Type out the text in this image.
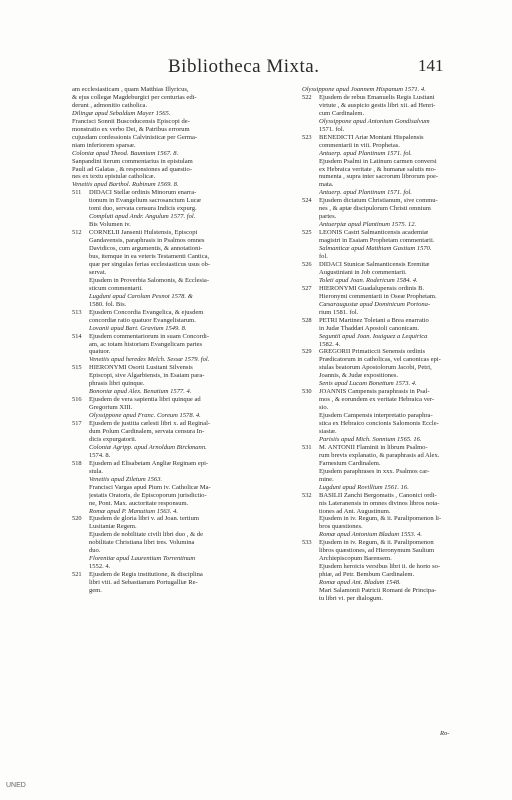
Bibliotheca Mixta.	141
am ecclesiasticam , quam Matthias Illyricus,
& ejus collegæ Magdeburgici per centurias edi-
derunt , admonitio catholica.
Dilingæ apud Sebaldum Mayer 1565.
Francisci Sonnii Buscoducensis Episcopi de-
monstratio ex verbo Dei, & Patribus errorum
cujusdam confessionis Calvinisticæ per Germa-
niam inferiorem sparsæ.
Coloniæ apud Theod. Baumium 1567. 8.
Sanpandini iterum commentarius in epistulam
Pauli ad Galatas , & responsiones ad quæstio-
nes ex textu epistulæ catholicæ.
Venetiis apud Barthol. Rubinum 1569. 8.
511 DIDACI Stellæ ordinis Minorum enarra-
tionum in Evangelium sacrosanctum Lucæ
tomi duo, servata censura Indicis expurg.
Compluti apud Andr. Angulum 1577. fol.
Bis Volumen iv.
512 CORNELII Jansenii Hulstensis, Episcopi
Gandavensis, paraphrasis in Psalmos omnes
Davidicos, cum argumentis, & annotationi-
bus, itemque in ea veteris Testamenti Cantica,
quæ per singulas ferias ecclesiasticus usus ob-
servat.
Ejusdem in Proverbia Salomonis, & Ecclesia-
sticum commentarii.
Lugduni apud Carolum Pesnot 1578. &
1580. fol. Bis.
513 Ejusdem Concordia Evangelica, & ejusdem
concordiæ ratio quatuor Evangelistarum.
Lovanii apud Bart. Gravium 1549. 8.
514 Ejusdem commentariorum in suam Concordi-
am, ac totam historiam Evangelicam partes
quatuor.
Venetiis apud heredes Melch. Sessæ 1579. fol.
515 HIERONYMI Osorii Lusitani Silvensis
Episcopi, sive Algarbiensis, in Esaiam para-
phrasis libri quinque.
Bononiæ apud Alex. Benatium 1577. 4.
516 Ejusdem de vera sapientia libri quinque ad
Gregorium XIII.
Olyssippone apud Franc. Coreum 1578. 4.
517 Ejusdem de justitia cælesti libri x. ad Reginal-
dum Polum Cardinalem, servata censura In-
dicis expurgatorii.
Coloniæ Agripp. apud Arnoldum Birckmann.
1574. 8.
518 Ejusdem ad Elisabetam Angliæ Reginam epi-
stula.
Venetiis apud Ziletum 1563.
Francisci Vargas apud Pium iv. Catholicæ Ma-
jestatis Oratoris, de Episcoporum jurisdictio-
ne, Pont. Max. auctoritate responsum.
Romæ apud P. Manutium 1563. 4.
520 Ejusdem de gloria libri v. ad Joan. tertium
Lusitaniæ Regem.
Ejusdem de nobilitate civili libri duo , & de
nobilitate Christiana libri tres. Volumina
duo.
Florentiæ apud Laurentium Torrentinum
1552. 4.
521 Ejusdem de Regis institutione, & disciplina
libri viii. ad Sebastianum Portugalliæ Re-
gem.
Olyssippone apud Joannem Hispanum 1571. 4.
522 Ejusdem de rebus Emanuelis Regis Lusitani
virtute , & auspicio gestis libri xii. ad Henri-
cum Cardinalem.
Olyssippone apud Antonium Gondisalvum
1571. fol.
523 BENEDICTI Ariæ Montani Hispalensis
commentarii in viii. Prophetas.
Antuerp. apud Plantinum 1571. fol.
Ejusdem Psalmi in Latinum carmen conversi
ex Hebraica veritate , & humanæ salutis mo-
numenta , supra inter sacrorum librorum poe-
mata.
Antuerp. apud Plantinum 1571. fol.
524 Ejusdem dictatum Christianum, sive commu-
nes , & aptæ discipulorum Christi omnium
partes.
Antuerpiæ apud Plantinum 1575. 12.
525 LEONIS Castri Salmanticensis academiæ
magistri in Esaiam Prophetam commentarii.
Salmanticæ apud Matthiam Gastium 1570.
fol.
526 DIDACI Stunicæ Salmanticensis Eremitæ
Augustiniani in Job commentarii.
Toleti apud Joan. Rodericum 1584. 4.
527 HIERONYMI Guadalupensis ordinis B.
Hieronymi commentarii in Oseæ Prophetam.
Cæsaraugustæ apud Dominicum Portona-
rium 1581. fol.
528 PETRI Martinez Toletani a Brea enarratio
in Judæ Thaddæi Apostoli canonicam.
Seguntii apud Joan. Iouiguez a Lequirica
1582. 4.
529 GREGORII Primaticcii Senensis ordinis
Prædicatorum in catholicas, vel canonicas epi-
stulas beatorum Apostolorum Jacobi, Petri,
Joannis, & Judæ expositiones.
Senis apud Lucam Bonettum 1573. 4.
530 JOANNIS Campensis paraphrasis in Psal-
mos , & eorundem ex veritate Hebraica ver-
sio.
Ejusdem Campensis interpretatio paraphra-
stica ex Hebraico concionis Salomonis Eccle-
siastæ.
Parisiis apud Mich. Sonnium 1565. 16.
531 M. ANTONII Flaminii in librum Psalmo-
rum brevis explanatio, & paraphrasis ad Alex.
Farnesium Cardinalem.
Ejusdem paraphrases in xxx. Psalmos car-
mine.
Lugduni apud Rovillium 1561. 16.
532 BASILII Zanchi Bergomatis , Canonici ordi-
nis Lateranensis in omnes divinos libros nota-
tiones ad Ant. Augustinum.
Ejusdem in iv. Regum, & ii. Paralipomenon li-
bros quæstiones.
Romæ apud Antonium Bladum 1553. 4.
533 Ejusdem in iv. Regum, & ii. Paralipomenon
libros quæstiones, ad Hieronymum Saulium
Archiepiscopum Barensem.
Ejusdem heroicis versibus libri ii. de horto so-
phiæ, ad Petr. Bembum Cardinalem.
Romæ apud Ant. Bladum 1548.
Mari Salamonii Patricii Romani de Principa-
tu libri vi. per dialogum.
Ro-
UNED
